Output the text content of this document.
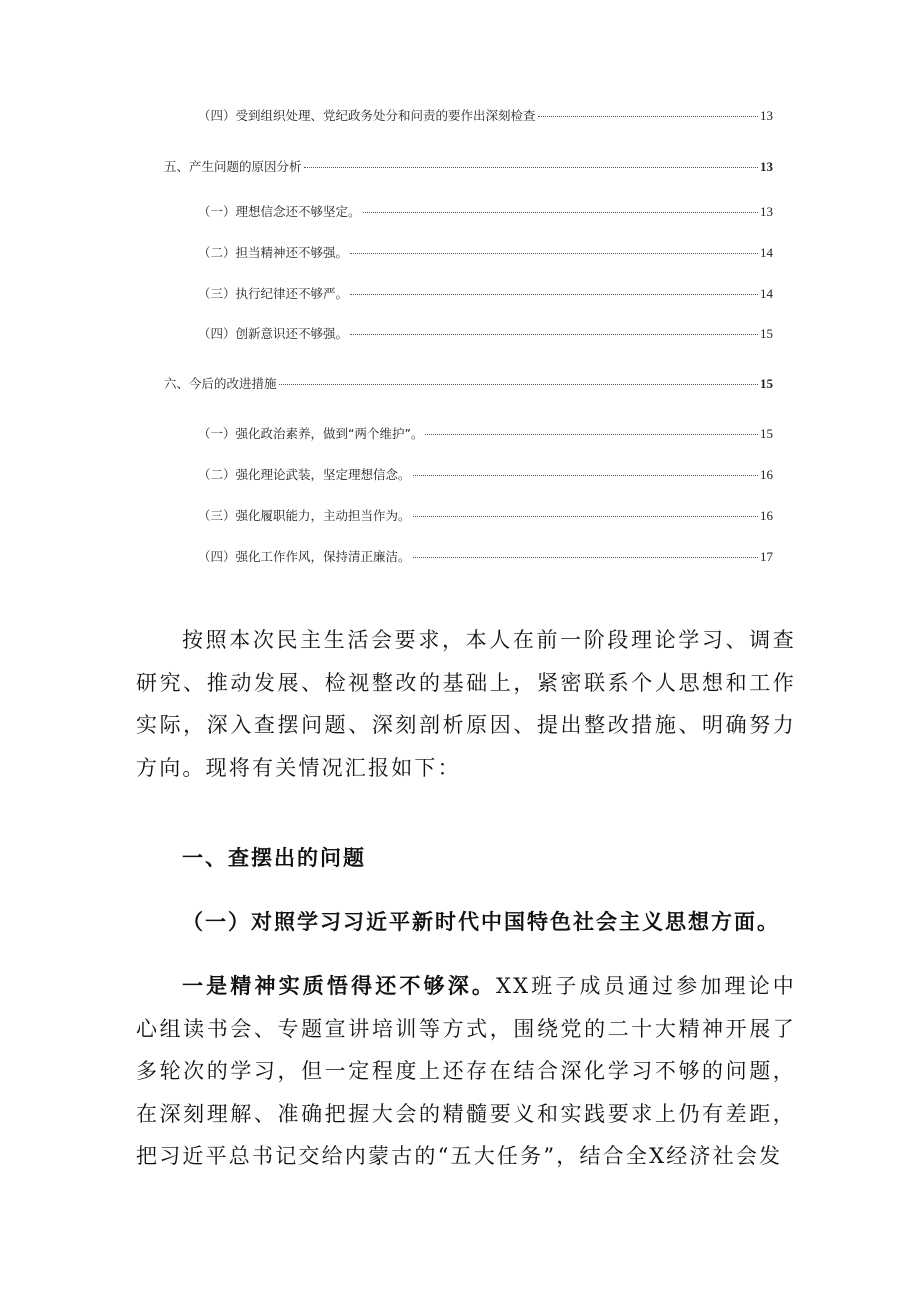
（四）受到组织处理、党纪政务处分和问责的要作出深刻检查	13
五、产生问题的原因分析	13
（一）理想信念还不够坚定。	13
（二）担当精神还不够强。	14
（三）执行纪律还不够严。	14
（四）创新意识还不够强。	15
六、今后的改进措施	15
（一）强化政治素养，做到“两个维护”。	15
（二）强化理论武装，坚定理想信念。	16
（三）强化履职能力，主动担当作为。	16
（四）强化工作作风，保持清正廉洁。	17

按照本次民主生活会要求，本人在前一阶段理论学习、调查研究、推动发展、检视整改的基础上，紧密联系个人思想和工作实际，深入查摆问题、深刻剖析原因、提出整改措施、明确努力方向。现将有关情况汇报如下：

一、查摆出的问题
（一）对照学习习近平新时代中国特色社会主义思想方面。

一是精神实质悟得还不够深。XX班子成员通过参加理论中心组读书会、专题宣讲培训等方式，围绕党的二十大精神开展了多轮次的学习，但一定程度上还存在结合深化学习不够的问题，在深刻理解、准确把握大会的精髓要义和实践要求上仍有差距，把习近平总书记交给内蒙古的“五大任务”，结合全X经济社会发
